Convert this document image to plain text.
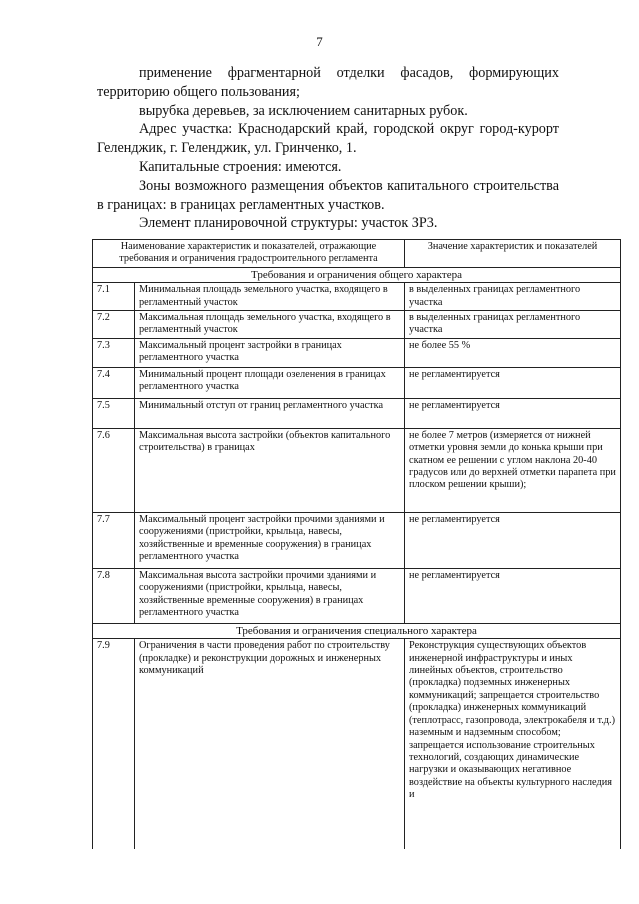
7

применение фрагментарной отделки фасадов, формирующих территорию общего пользования;

вырубка деревьев, за исключением санитарных рубок.

Адрес участка: Краснодарский край, городской округ город-курорт Геленджик, г. Геленджик, ул. Гринченко, 1.

Капитальные строения: имеются.

Зоны возможного размещения объектов капитального строительства в границах: в границах регламентных участков.

Элемент планировочной структуры: участок ЗР3.

Наименование характеристик и показателей, отражающие требования и ограничения градостроительного регламента		Значение характеристик и показателей
Требования и ограничения общего характера		
7.1	Минимальная площадь земельного участка, входящего в регламентный участок	в выделенных границах регламентного участка
7.2	Максимальная площадь земельного участка, входящего в регламентный участок	в выделенных границах регламентного участка
7.3	Максимальный процент застройки в границах регламентного участка	не более 55 %
7.4	Минимальный процент площади озеленения в границах регламентного участка	не регламентируется
7.5	Минимальный отступ от границ регламентного участка	не регламентируется
7.6	Максимальная высота застройки (объектов капитального строительства) в границах	не более 7 метров (измеряется от нижней отметки уровня земли до конька крыши при скатном ее решении с углом наклона 20-40 градусов или до верхней отметки парапета при плоском решении крыши);
7.7	Максимальный процент застройки прочими зданиями и сооружениями (пристройки, крыльца, навесы, хозяйственные и временные сооружения) в границах регламентного участка	не регламентируется
7.8	Максимальная высота застройки прочими зданиями и сооружениями (пристройки, крыльца, навесы, хозяйственные временные сооружения) в границах регламентного участка	не регламентируется
Требования и ограничения специального характера		
7.9	Ограничения в части проведения работ по строительству (прокладке) и реконструкции дорожных и инженерных коммуникаций	Реконструкция существующих объектов инженерной инфраструктуры и иных линейных объектов, строительство (прокладка) подземных инженерных коммуникаций; запрещается строительство (прокладка) инженерных коммуникаций (теплотрасс, газопровода, электрокабеля и т.д.) наземным и надземным способом; запрещается использование строительных технологий, создающих динамические нагрузки и оказывающих негативное воздействие на объекты культурного наследия и
